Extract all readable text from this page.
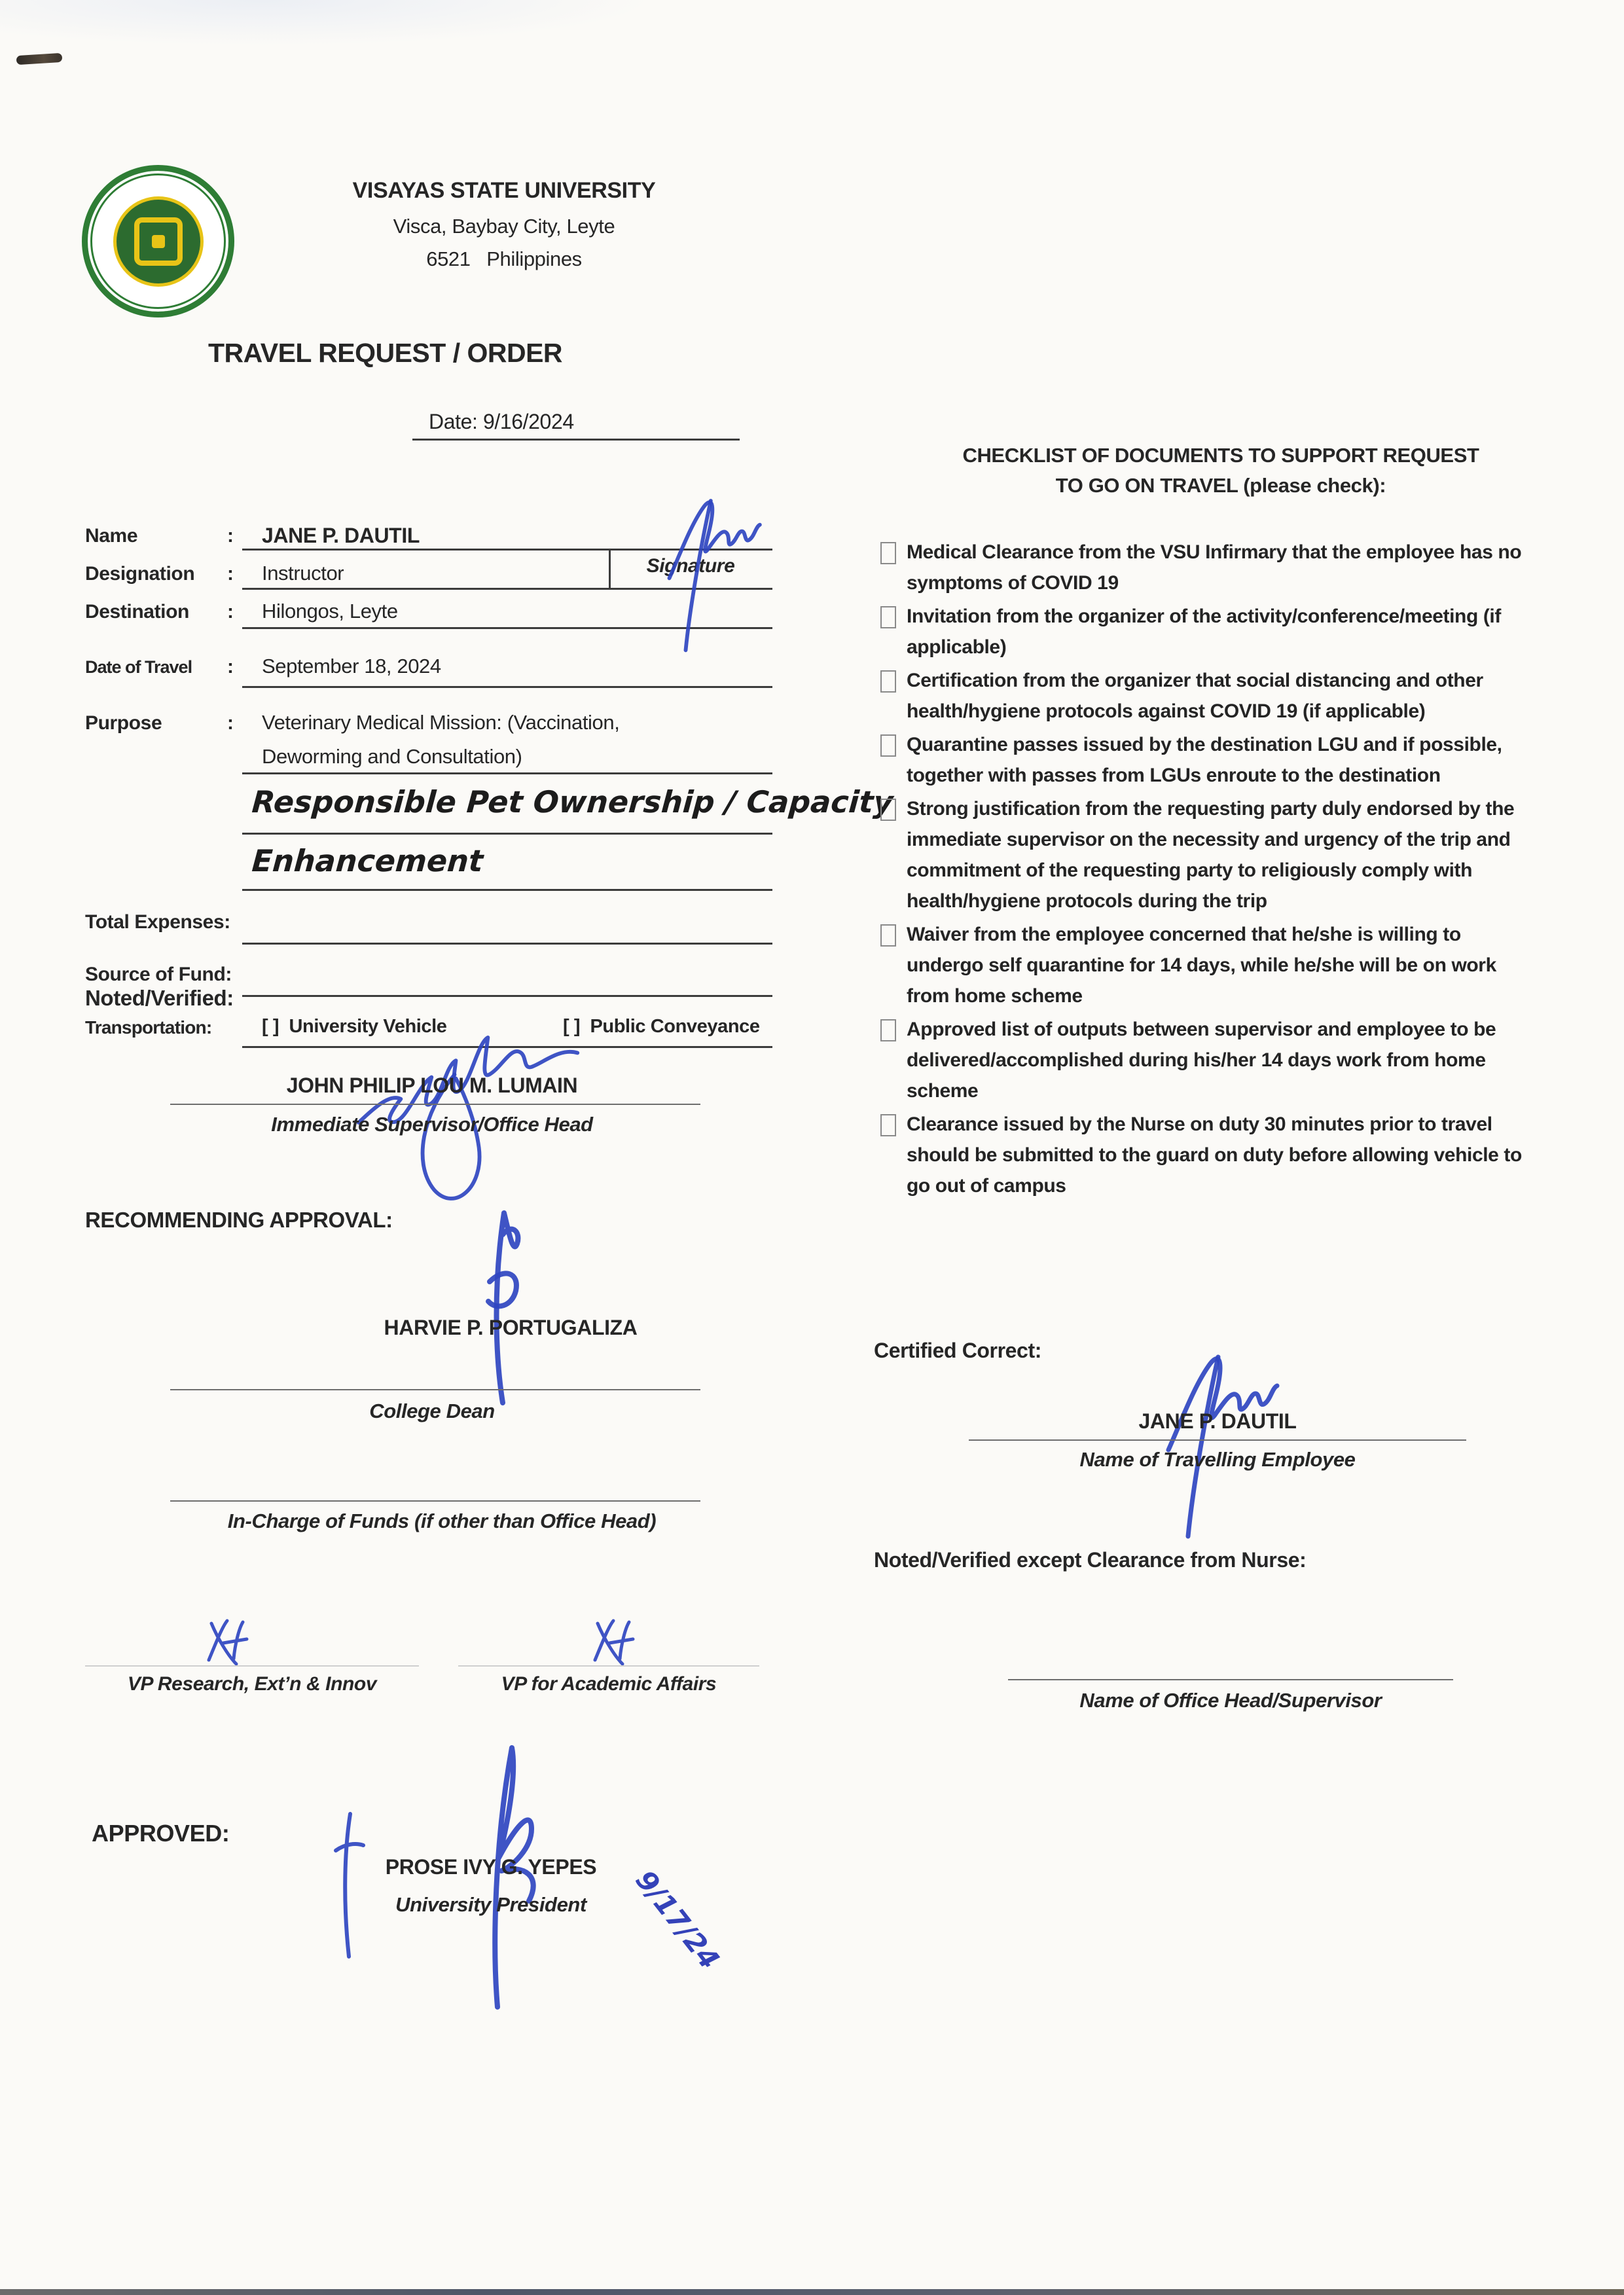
VISAYAS STATE UNIVERSITY
Visca, Baybay City, Leyte
6521   Philippines
TRAVEL REQUEST / ORDER
Date: 9/16/2024
Name	: JANE P. DAUTIL
Signature
Designation : Instructor
Destination : Hilongos, Leyte
Date of Travel : September 18, 2024
Purpose	: Veterinary Medical Mission: (Vaccination,
Deworming and Consultation)
Responsible Pet Ownership / Capacity
Enhancement
Total Expenses:
Source of Fund:
Transportation:	[ ]  University Vehicle	[ ]  Public Conveyance
Noted/Verified:
JOHN PHILIP LOU M. LUMAIN
Immediate Supervisor/Office Head
RECOMMENDING APPROVAL:
HARVIE P. PORTUGALIZA
College Dean
In-Charge of Funds (if other than Office Head)
VP Research, Ext’n & Innov	VP for Academic Affairs
APPROVED:
PROSE IVY G. YEPES
University President	9/17/24
CHECKLIST OF DOCUMENTS TO SUPPORT REQUEST
TO GO ON TRAVEL (please check):
Medical Clearance from the VSU Infirmary that the employee has no symptoms of COVID 19
Invitation from the organizer of the activity/conference/meeting (if applicable)
Certification from the organizer that social distancing and other health/hygiene protocols against COVID 19 (if applicable)
Quarantine passes issued by the destination LGU and if possible, together with passes from LGUs enroute to the destination
Strong justification from the requesting party duly endorsed by the immediate supervisor on the necessity and urgency of the trip and commitment of the requesting party to religiously comply with health/hygiene protocols during the trip
Waiver from the employee concerned that he/she is willing to undergo self quarantine for 14 days, while he/she will be on work from home scheme
Approved list of outputs between supervisor and employee to be delivered/accomplished during his/her 14 days work from home scheme
Clearance issued by the Nurse on duty 30 minutes prior to travel should be submitted to the guard on duty before allowing vehicle to go out of campus
Certified Correct:
JANE P. DAUTIL
Name of Travelling Employee
Noted/Verified except Clearance from Nurse:
Name of Office Head/Supervisor
